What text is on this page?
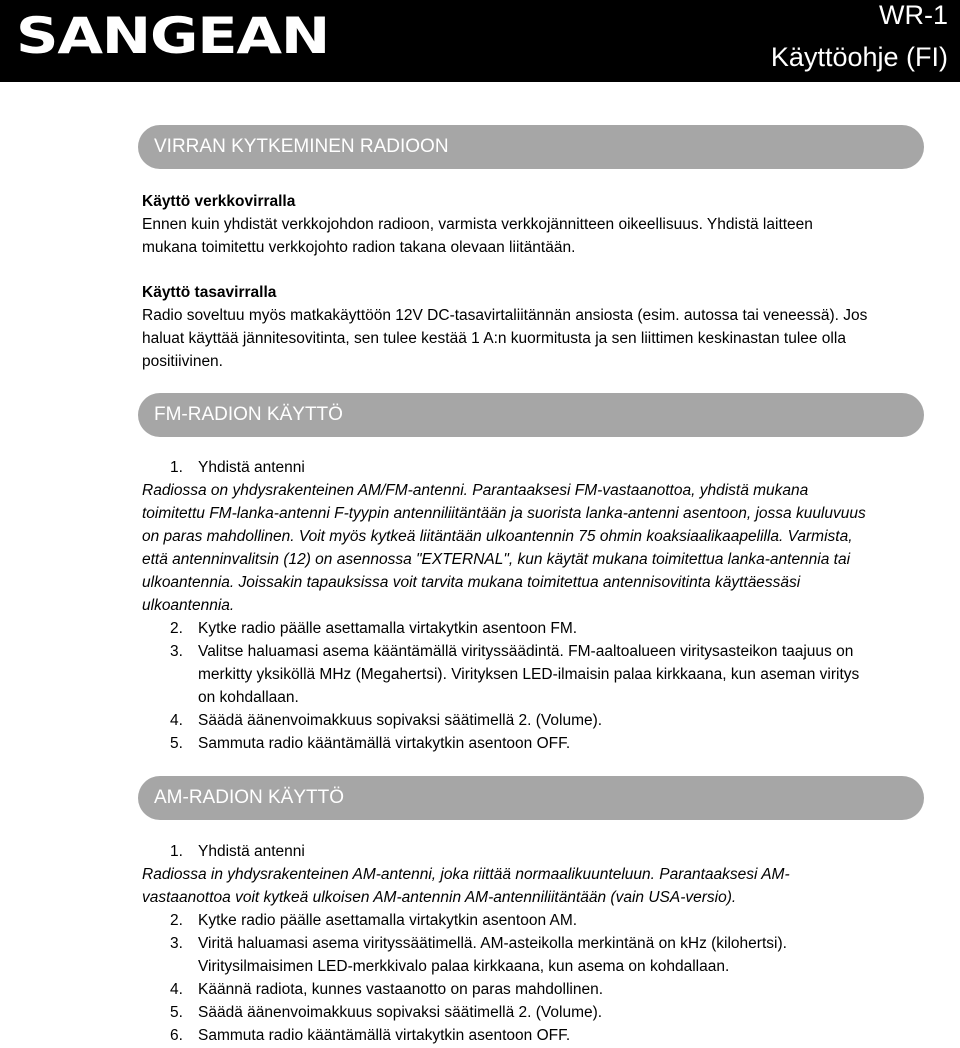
SANGEAN	WR-1
Käyttöohje (FI)
VIRRAN KYTKEMINEN RADIOON
Käyttö verkkovirralla

Ennen kuin yhdistät verkkojohdon radioon, varmista verkkojännitteen oikeellisuus. Yhdistä laitteen mukana toimitettu verkkojohto radion takana olevaan liitäntään.

Käyttö tasavirralla

Radio soveltuu myös matkakäyttöön 12V DC-tasavirtaliitännän ansiosta (esim. autossa tai veneessä). Jos haluat käyttää jännitesovitinta, sen tulee kestää 1 A:n kuormitusta ja sen liittimen keskinastan tulee olla positiivinen.

FM-RADION KÄYTTÖ
1. Yhdistä antenni

Radiossa on yhdysrakenteinen AM/FM-antenni. Parantaaksesi FM-vastaanottoa, yhdistä mukana toimitettu FM-lanka-antenni F-tyypin antenniliitäntään ja suorista lanka-antenni asentoon, jossa kuuluvuus on paras mahdollinen. Voit myös kytkeä liitäntään ulkoantennin 75 ohmin koaksiaalikaapelilla. Varmista, että antenninvalitsin (12) on asennossa "EXTERNAL", kun käytät mukana toimitettua lanka-antennia tai ulkoantennia. Joissakin tapauksissa voit tarvita mukana toimitettua antennisovitinta käyttäessäsi ulkoantennia.

2. Kytke radio päälle asettamalla virtakytkin asentoon FM.
3. Valitse haluamasi asema kääntämällä virityssäädintä. FM-aaltoalueen viritysasteikon taajuus on merkitty yksiköllä MHz (Megahertsi). Virityksen LED-ilmaisin palaa kirkkaana, kun aseman viritys on kohdallaan.
4. Säädä äänenvoimakkuus sopivaksi säätimellä 2. (Volume).
5. Sammuta radio kääntämällä virtakytkin asentoon OFF.
AM-RADION KÄYTTÖ
1. Yhdistä antenni

Radiossa in yhdysrakenteinen AM-antenni, joka riittää normaalikuunteluun. Parantaaksesi AM-vastaanottoa voit kytkeä ulkoisen AM-antennin AM-antenniliitäntään (vain USA-versio).

2. Kytke radio päälle asettamalla virtakytkin asentoon AM.
3. Viritä haluamasi asema virityssäätimellä. AM-asteikolla merkintänä on kHz (kilohertsi). Viritysilmaisimen LED-merkkivalo palaa kirkkaana, kun asema on kohdallaan.
4. Käännä radiota, kunnes vastaanotto on paras mahdollinen.
5. Säädä äänenvoimakkuus sopivaksi säätimellä 2. (Volume).
6. Sammuta radio kääntämällä virtakytkin asentoon OFF.
